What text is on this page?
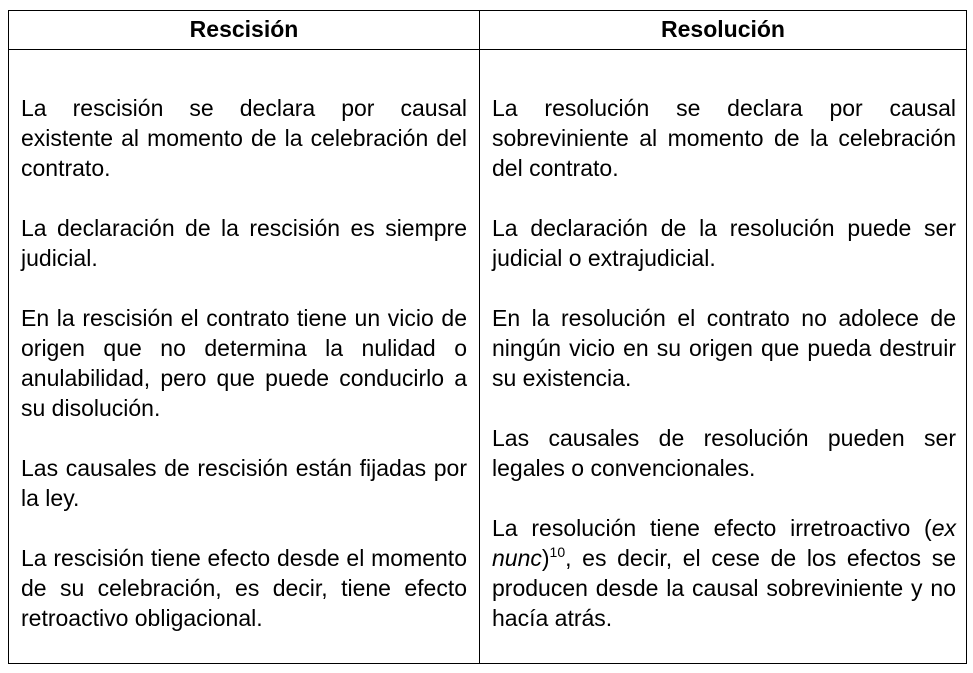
Rescisión	Resolución

La rescisión se declara por causal existente al momento de la celebración del contrato.

La declaración de la rescisión es siempre judicial.

En la rescisión el contrato tiene un vicio de origen que no determina la nulidad o anulabilidad, pero que puede conducirlo a su disolución.

Las causales de rescisión están fijadas por la ley.

La rescisión tiene efecto desde el momento de su celebración, es decir, tiene efecto retroactivo obligacional.

La resolución se declara por causal sobreviniente al momento de la celebración del contrato.

La declaración de la resolución puede ser judicial o extrajudicial.

En la resolución el contrato no adolece de ningún vicio en su origen que pueda destruir su existencia.

Las causales de resolución pueden ser legales o convencionales.

La resolución tiene efecto irretroactivo (ex nunc)$^{10}$, es decir, el cese de los efectos se producen desde la causal sobreviniente y no hacía atrás.
